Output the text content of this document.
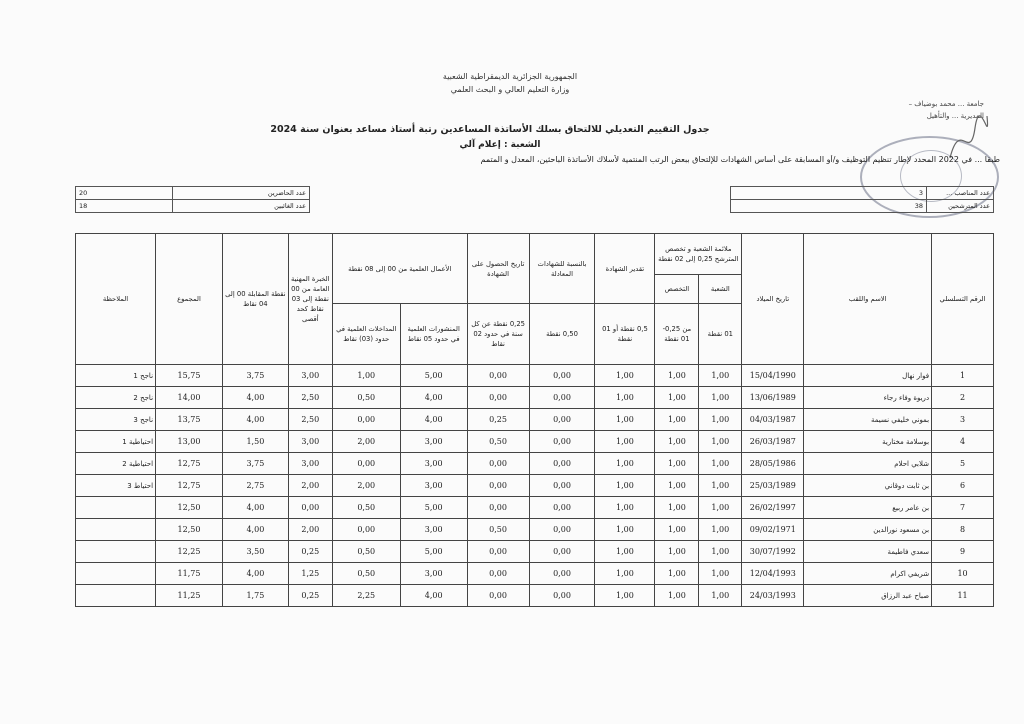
الجمهورية الجزائرية الديمقراطية الشعبية
وزارة التعليم العالي و البحث العلمي
جامعة ... محمد بوضياف –
المديرية ... والتأهيل
جدول التقييم التعديلي للالتحاق بسلك الأساتذة المساعدين رتبة أستاذ مساعد بعنوان سنة 2024
الشعبة : إعلام آلي
طبقا ... في 2022 المحدد لإطار تنظيم التوظيف و/أو المسابقة على أساس الشهادات للإلتحاق ببعض الرتب المنتمية لأسلاك الأساتذة الباحثين، المعدل و المتمم
عدد الحاضرين	20
عدد الغائبين	18
عدد المناصب ...	3
عدد المترشحين	38
الرقم التسلسلي	الاسم واللقب	تاريخ الميلاد	ملائمة الشعبة و تخصص المترشح 0,25 إلى 02 نقطة		تقدير الشهادة	بالنسبة للشهادات المعادلة	تاريخ الحصول على الشهادة	الأعمال العلمية من 00 إلى 08 نقطة		الخبرة المهنية العامة من 00 نقطة إلى 03 نقاط كحد أقصى	نقطة المقابلة 00 إلى 04 نقاط	المجموع	الملاحظة
			الشعبة	التخصص									
			01 نقطة	من 0,25- 01 نقطة	0,5 نقطة أو 01 نقطة	0,50 نقطة	0,25 نقطة عن كل سنة في حدود 02 نقاط	المنشورات العلمية في حدود 05 نقاط	المداخلات العلمية في حدود (03) نقاط				
1	فوار نهال	15/04/1990	1,00	1,00	1,00	0,00	0,00	5,00	1,00	3,00	3,75	15,75	ناجح 1
2	دريوة وفاء رجاء	13/06/1989	1,00	1,00	1,00	0,00	0,00	4,00	0,50	2,50	4,00	14,00	ناجح 2
3	بموني خليفي نسيمة	04/03/1987	1,00	1,00	1,00	0,00	0,25	4,00	0,00	2,50	4,00	13,75	ناجح 3
4	بوسلامة مختارية	26/03/1987	1,00	1,00	1,00	0,00	0,50	3,00	2,00	3,00	1,50	13,00	احتياطية 1
5	شلابي احلام	28/05/1986	1,00	1,00	1,00	0,00	0,00	3,00	0,00	3,00	3,75	12,75	احتياطية 2
6	بن ثابت دوقاني	25/03/1989	1,00	1,00	1,00	0,00	0,00	3,00	2,00	2,00	2,75	12,75	احتياط 3
7	بن عامر ربيع	26/02/1997	1,00	1,00	1,00	0,00	0,00	5,00	0,50	0,00	4,00	12,50	
8	بن مسعود نورالدين	09/02/1971	1,00	1,00	1,00	0,00	0,50	3,00	0,00	2,00	4,00	12,50	
9	سعدي فاطيمة	30/07/1992	1,00	1,00	1,00	0,00	0,00	5,00	0,50	0,25	3,50	12,25	
10	شريفي اكرام	12/04/1993	1,00	1,00	1,00	0,00	0,00	3,00	0,50	1,25	4,00	11,75	
11	صباح عبد الرزاق	24/03/1993	1,00	1,00	1,00	0,00	0,00	4,00	2,25	0,25	1,75	11,25	
